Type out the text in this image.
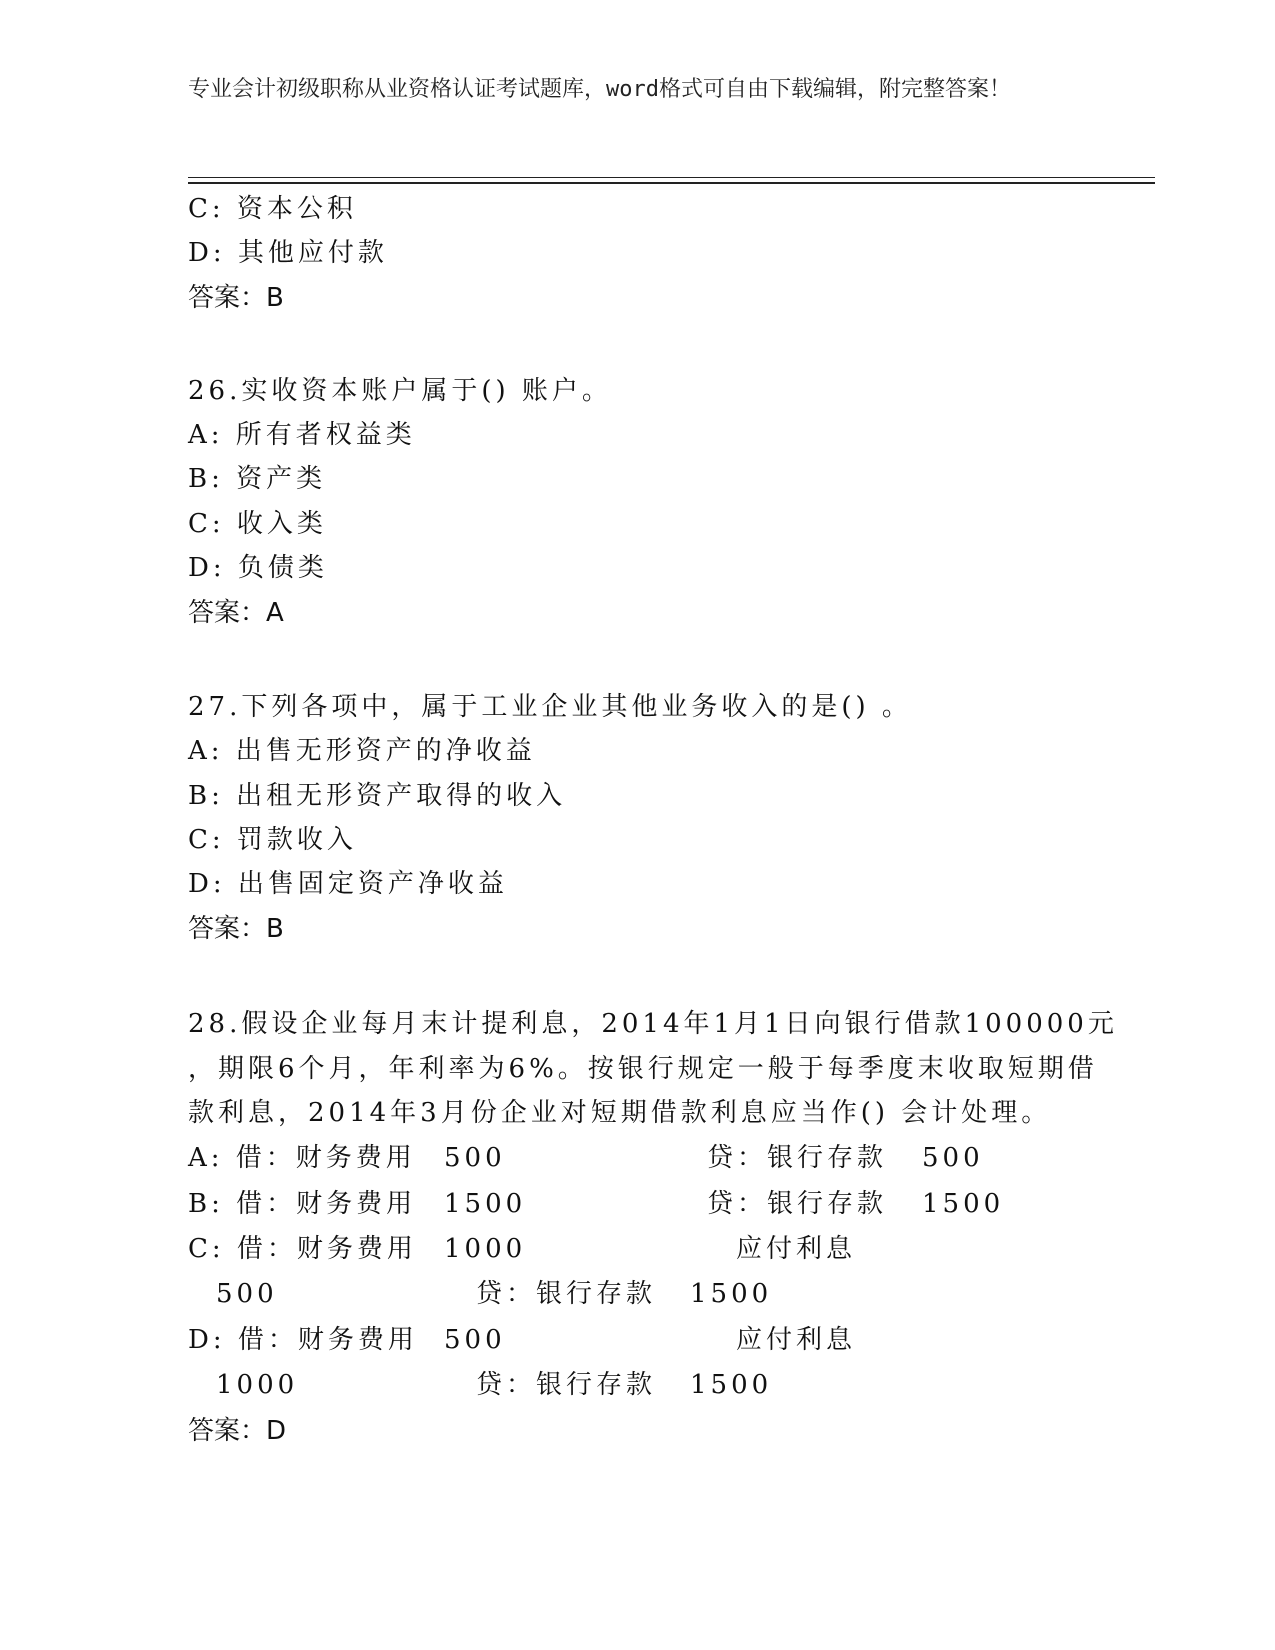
专业会计初级职称从业资格认证考试题库，word格式可自由下载编辑，附完整答案！
C: 资本公积
D: 其他应付款
答案：B
26.实收资本账户属于() 账户。
A: 所有者权益类
B: 资产类
C: 收入类
D: 负债类
答案：A
27.下列各项中，属于工业企业其他业务收入的是() 。
A: 出售无形资产的净收益
B: 出租无形资产取得的收入
C: 罚款收入
D: 出售固定资产净收益
答案：B
28.假设企业每月末计提利息，2014年1月1日向银行借款100000元
，期限6个月，年利率为6%。按银行规定一般于每季度末收取短期借
款利息，2014年3月份企业对短期借款利息应当作() 会计处理。
A: 借：财务费用 500	贷：银行存款 500
B: 借：财务费用 1500	贷：银行存款 1500
C: 借：财务费用 1000	应付利息
500	贷：银行存款 1500
D: 借：财务费用 500	应付利息
1000	贷：银行存款 1500
答案：D
